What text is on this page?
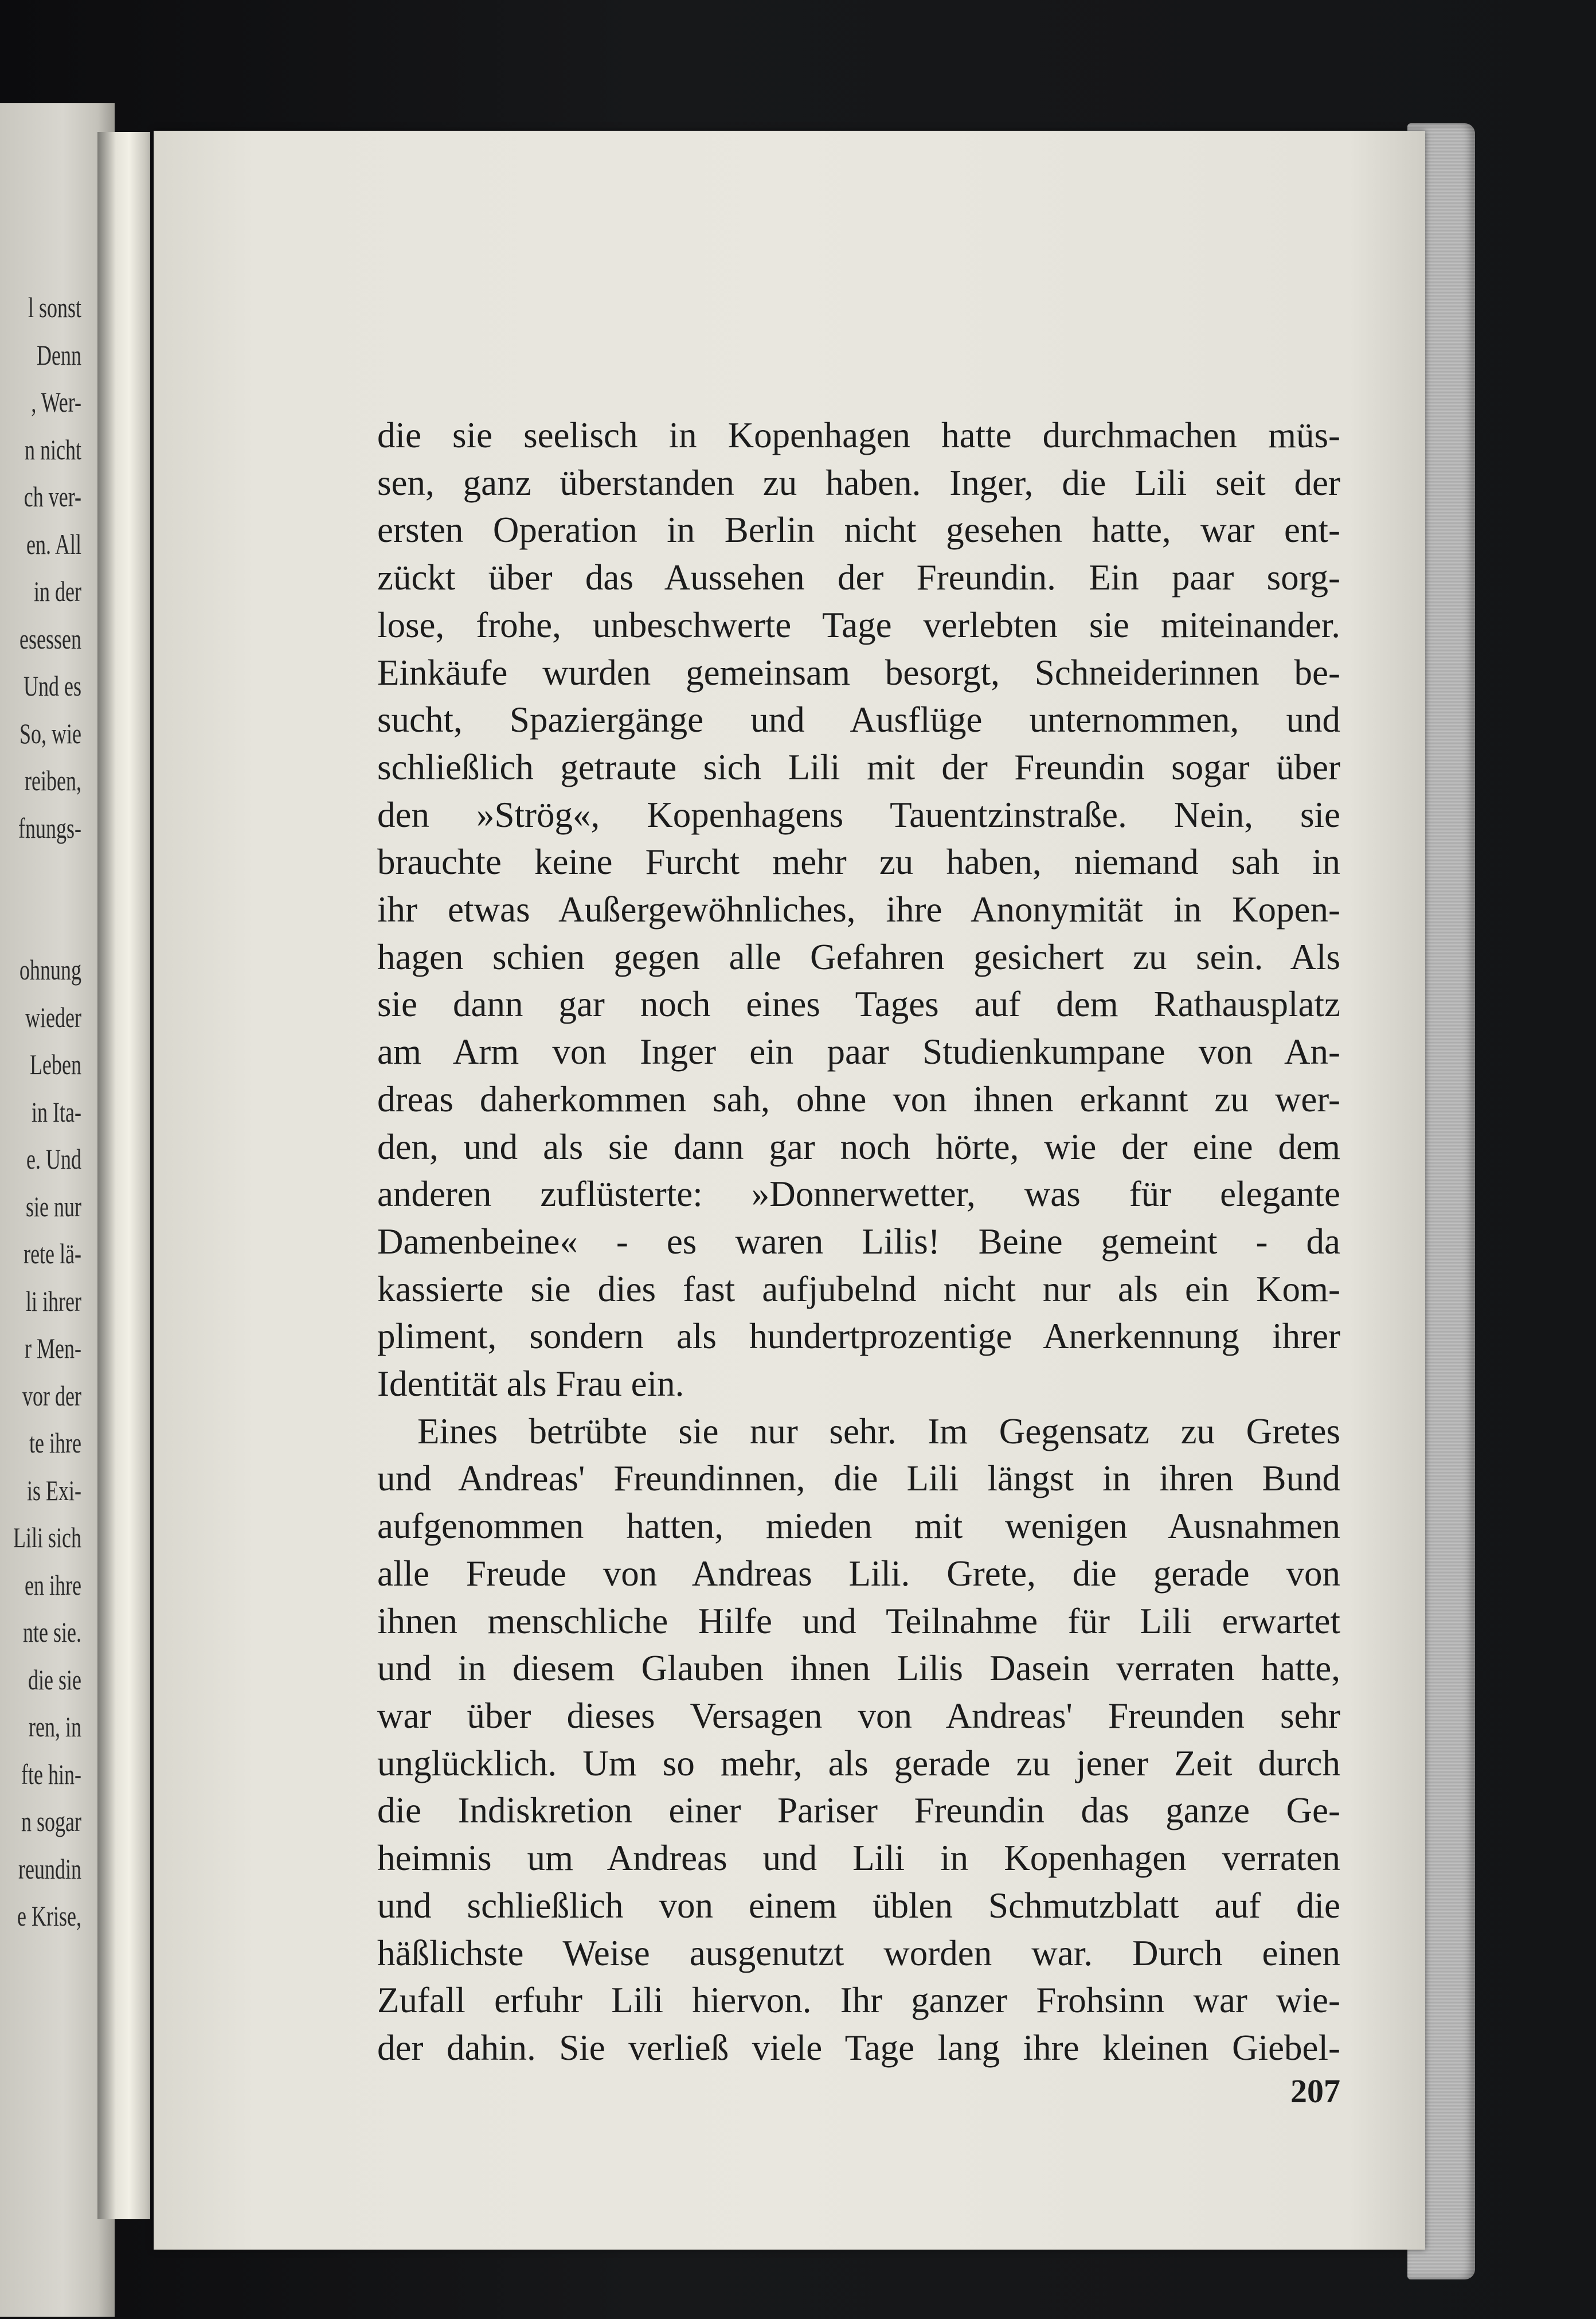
l sonst
Denn
, Wer-
n nicht
ch ver-
en. All
in der
esessen
Und es
So, wie
reiben,
fnungs-
ohnung
wieder
Leben
in Ita-
e. Und
sie nur
rete lä-
li ihrer
r Men-
vor der
te ihre
is Exi-
Lili sich
en ihre
nte sie.
die sie
ren, in
fte hin-
n sogar
reundin
e Krise,
die sie seelisch in Kopenhagen hatte durchmachen müs-
sen, ganz überstanden zu haben. Inger, die Lili seit der
ersten Operation in Berlin nicht gesehen hatte, war ent-
zückt über das Aussehen der Freundin. Ein paar sorg-
lose, frohe, unbeschwerte Tage verlebten sie miteinander.
Einkäufe wurden gemeinsam besorgt, Schneiderinnen be-
sucht, Spaziergänge und Ausflüge unternommen, und
schließlich getraute sich Lili mit der Freundin sogar über
den »Strög«, Kopenhagens Tauentzinstraße. Nein, sie
brauchte keine Furcht mehr zu haben, niemand sah in
ihr etwas Außergewöhnliches, ihre Anonymität in Kopen-
hagen schien gegen alle Gefahren gesichert zu sein. Als
sie dann gar noch eines Tages auf dem Rathausplatz
am Arm von Inger ein paar Studienkumpane von An-
dreas daherkommen sah, ohne von ihnen erkannt zu wer-
den, und als sie dann gar noch hörte, wie der eine dem
anderen zuflüsterte: »Donnerwetter, was für elegante
Damenbeine« - es waren Lilis! Beine gemeint - da
kassierte sie dies fast aufjubelnd nicht nur als ein Kom-
pliment, sondern als hundertprozentige Anerkennung ihrer
Identität als Frau ein.
Eines betrübte sie nur sehr. Im Gegensatz zu Gretes
und Andreas' Freundinnen, die Lili längst in ihren Bund
aufgenommen hatten, mieden mit wenigen Ausnahmen
alle Freude von Andreas Lili. Grete, die gerade von
ihnen menschliche Hilfe und Teilnahme für Lili erwartet
und in diesem Glauben ihnen Lilis Dasein verraten hatte,
war über dieses Versagen von Andreas' Freunden sehr
unglücklich. Um so mehr, als gerade zu jener Zeit durch
die Indiskretion einer Pariser Freundin das ganze Ge-
heimnis um Andreas und Lili in Kopenhagen verraten
und schließlich von einem üblen Schmutzblatt auf die
häßlichste Weise ausgenutzt worden war. Durch einen
Zufall erfuhr Lili hiervon. Ihr ganzer Frohsinn war wie-
der dahin. Sie verließ viele Tage lang ihre kleinen Giebel-
207
